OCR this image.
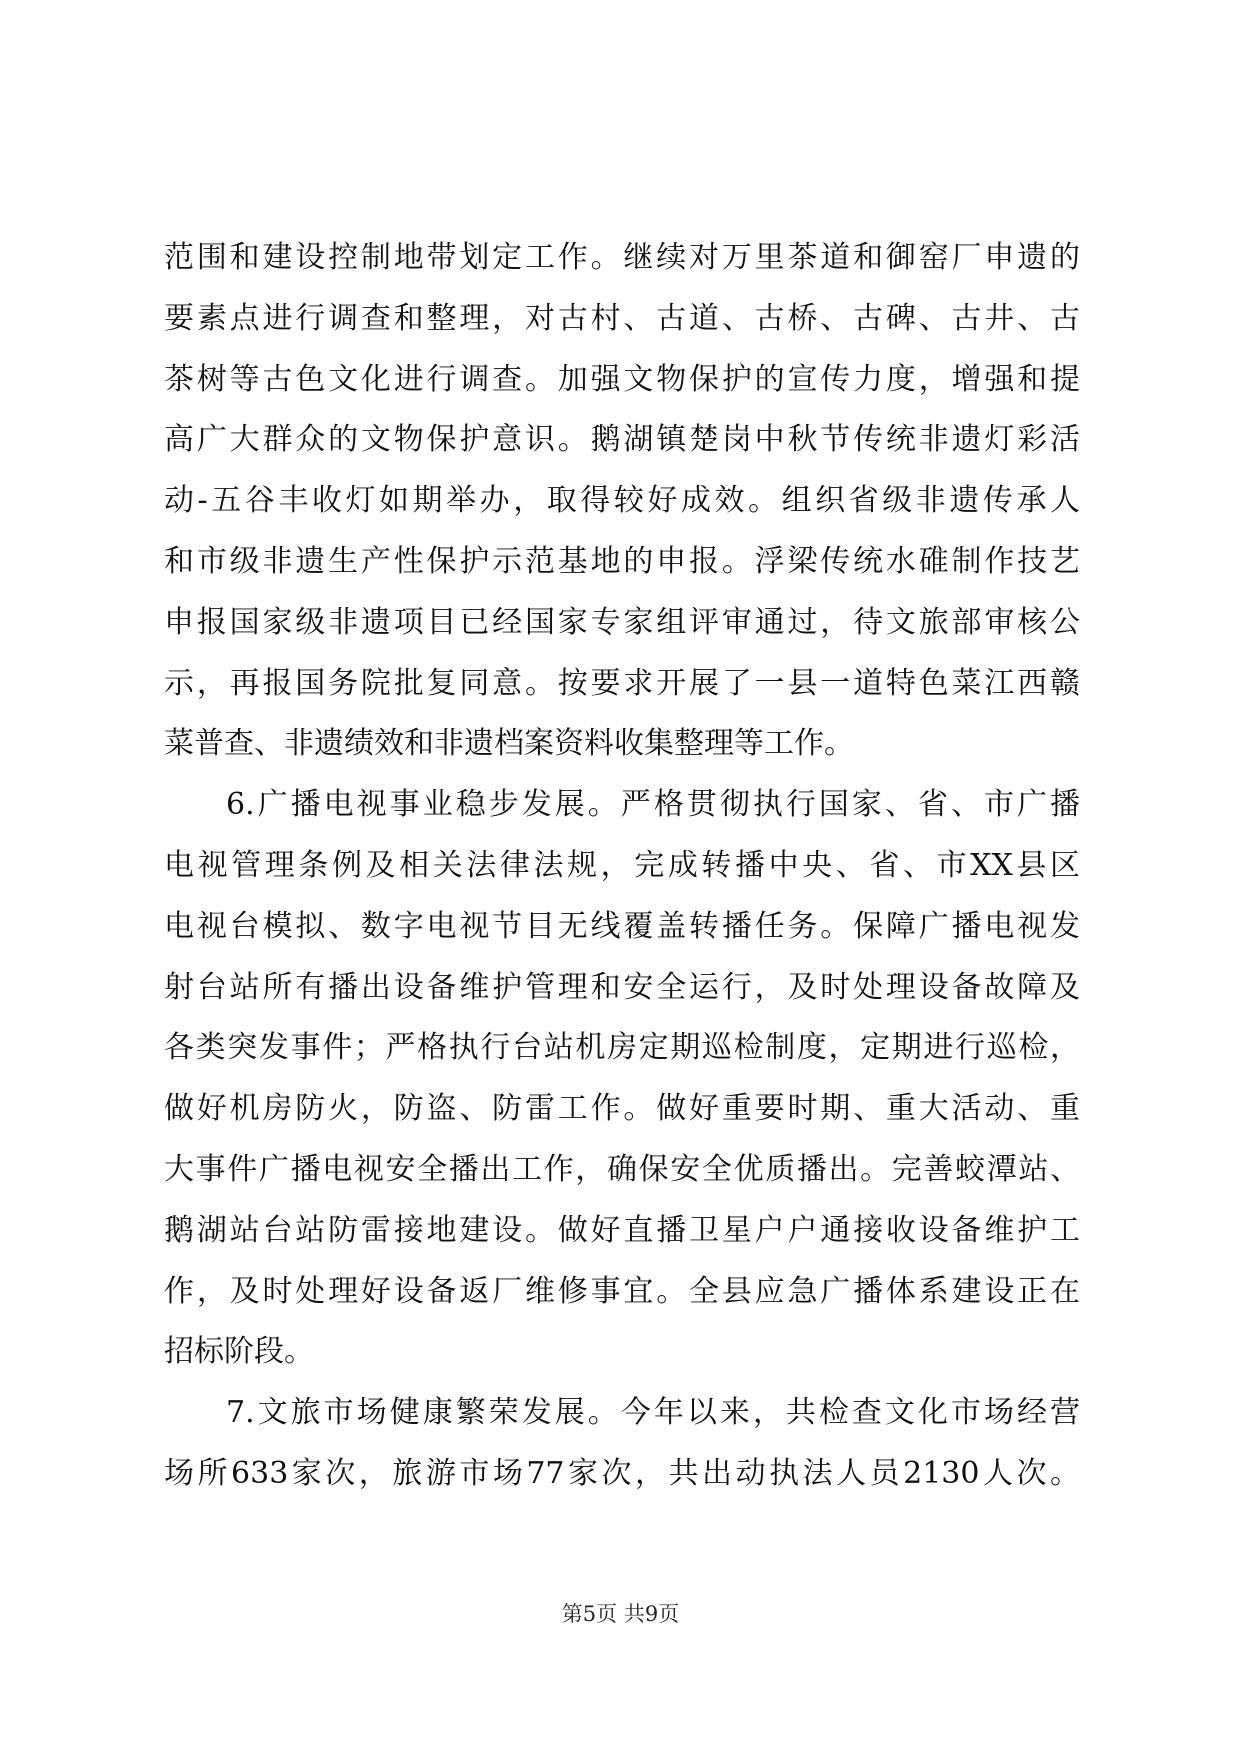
范围和建设控制地带划定工作。继续对万里茶道和御窑厂申遗的
要素点进行调查和整理，对古村、古道、古桥、古碑、古井、古
茶树等古色文化进行调查。加强文物保护的宣传力度，增强和提
高广大群众的文物保护意识。鹅湖镇楚岗中秋节传统非遗灯彩活
动-五谷丰收灯如期举办，取得较好成效。组织省级非遗传承人
和市级非遗生产性保护示范基地的申报。浮梁传统水碓制作技艺
申报国家级非遗项目已经国家专家组评审通过，待文旅部审核公
示，再报国务院批复同意。按要求开展了一县一道特色菜江西赣
菜普查、非遗绩效和非遗档案资料收集整理等工作。
6.广播电视事业稳步发展。严格贯彻执行国家、省、市广播
电视管理条例及相关法律法规，完成转播中央、省、市XX县区
电视台模拟、数字电视节目无线覆盖转播任务。保障广播电视发
射台站所有播出设备维护管理和安全运行，及时处理设备故障及
各类突发事件；严格执行台站机房定期巡检制度，定期进行巡检，
做好机房防火，防盗、防雷工作。做好重要时期、重大活动、重
大事件广播电视安全播出工作，确保安全优质播出。完善蛟潭站、
鹅湖站台站防雷接地建设。做好直播卫星户户通接收设备维护工
作，及时处理好设备返厂维修事宜。全县应急广播体系建设正在
招标阶段。
7.文旅市场健康繁荣发展。今年以来，共检查文化市场经营
场所633家次，旅游市场77家次，共出动执法人员2130人次。
第5页 共9页
